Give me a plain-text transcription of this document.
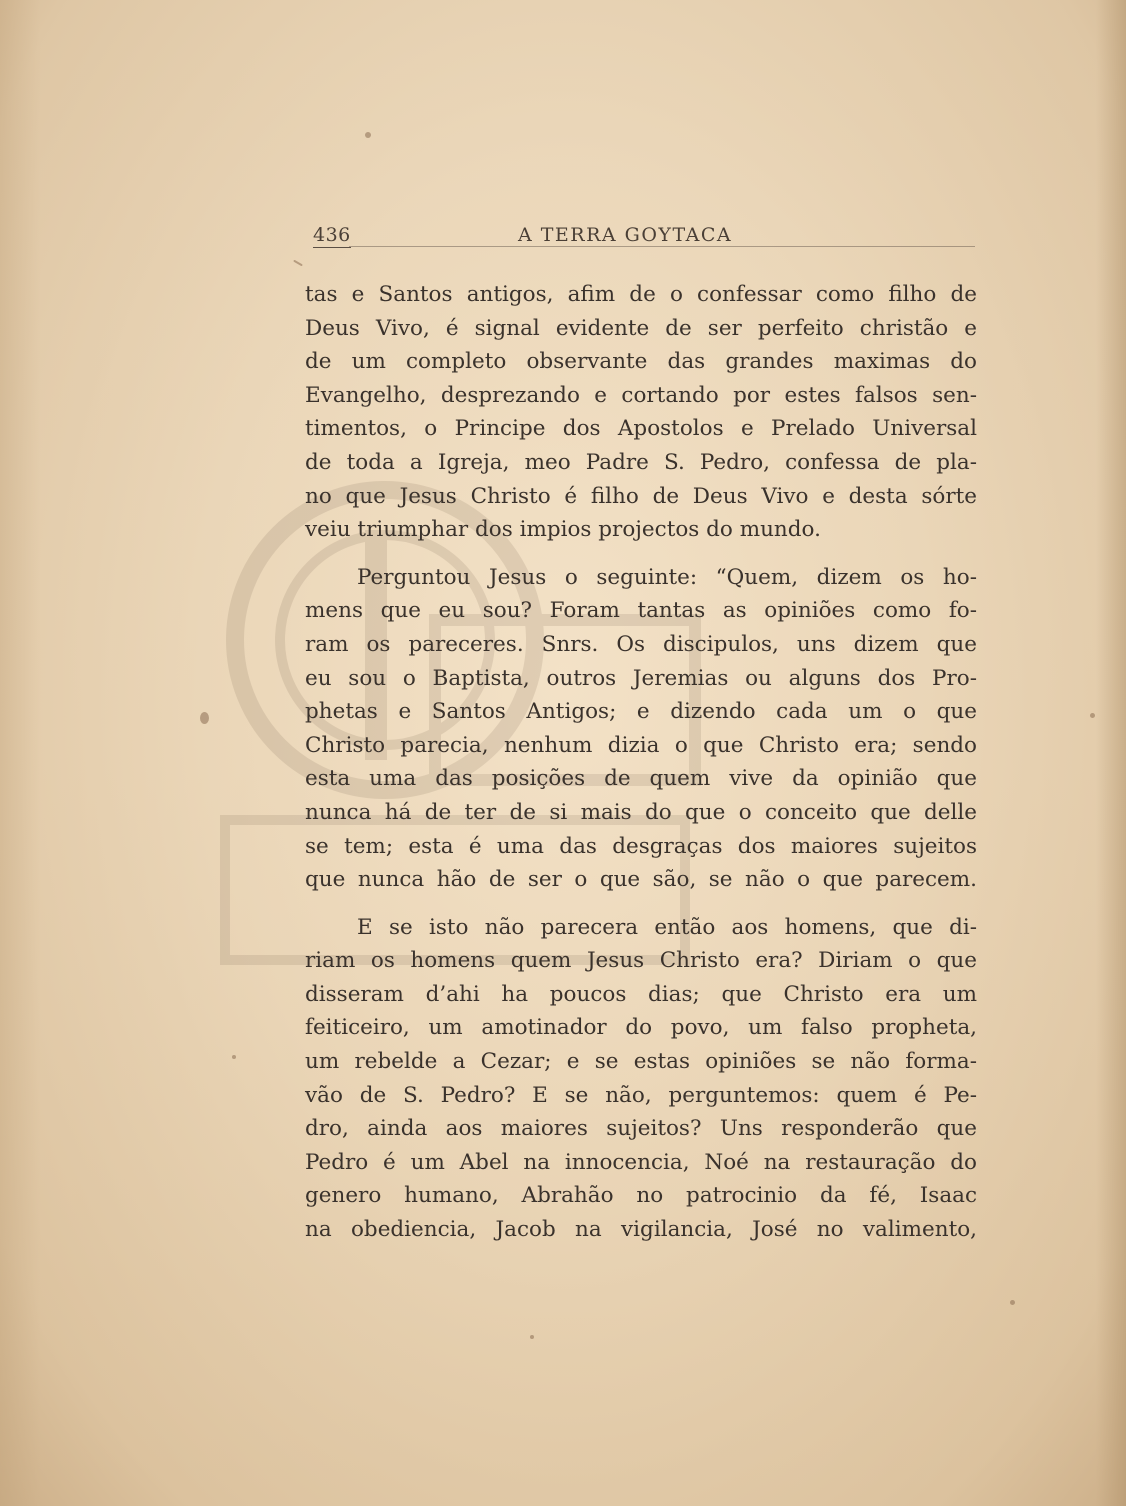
436	A TERRA GOYTACA

tas e Santos antigos, afim de o confessar como filho de
Deus Vivo, é signal evidente de ser perfeito christão e
de um completo observante das grandes maximas do
Evangelho, desprezando e cortando por estes falsos sen-
timentos, o Principe dos Apostolos e Prelado Universal
de toda a Igreja, meo Padre S. Pedro, confessa de pla-
no que Jesus Christo é filho de Deus Vivo e desta sórte
veiu triumphar dos impios projectos do mundo.

Perguntou Jesus o seguinte: “Quem, dizem os ho-
mens que eu sou? Foram tantas as opiniões como fo-
ram os pareceres. Snrs. Os discipulos, uns dizem que
eu sou o Baptista, outros Jeremias ou alguns dos Pro-
phetas e Santos Antigos; e dizendo cada um o que
Christo parecia, nenhum dizia o que Christo era; sendo
esta uma das posições de quem vive da opinião que
nunca há de ter de si mais do que o conceito que delle
se tem; esta é uma das desgraças dos maiores sujeitos
que nunca hão de ser o que são, se não o que parecem.

E se isto não parecera então aos homens, que di-
riam os homens quem Jesus Christo era? Diriam o que
disseram d’ahi ha poucos dias; que Christo era um
feiticeiro, um amotinador do povo, um falso propheta,
um rebelde a Cezar; e se estas opiniões se não forma-
vão de S. Pedro? E se não, perguntemos: quem é Pe-
dro, ainda aos maiores sujeitos? Uns responderão que
Pedro é um Abel na innocencia, Noé na restauração do
genero humano, Abrahão no patrocinio da fé, Isaac
na obediencia, Jacob na vigilancia, José no valimento,
